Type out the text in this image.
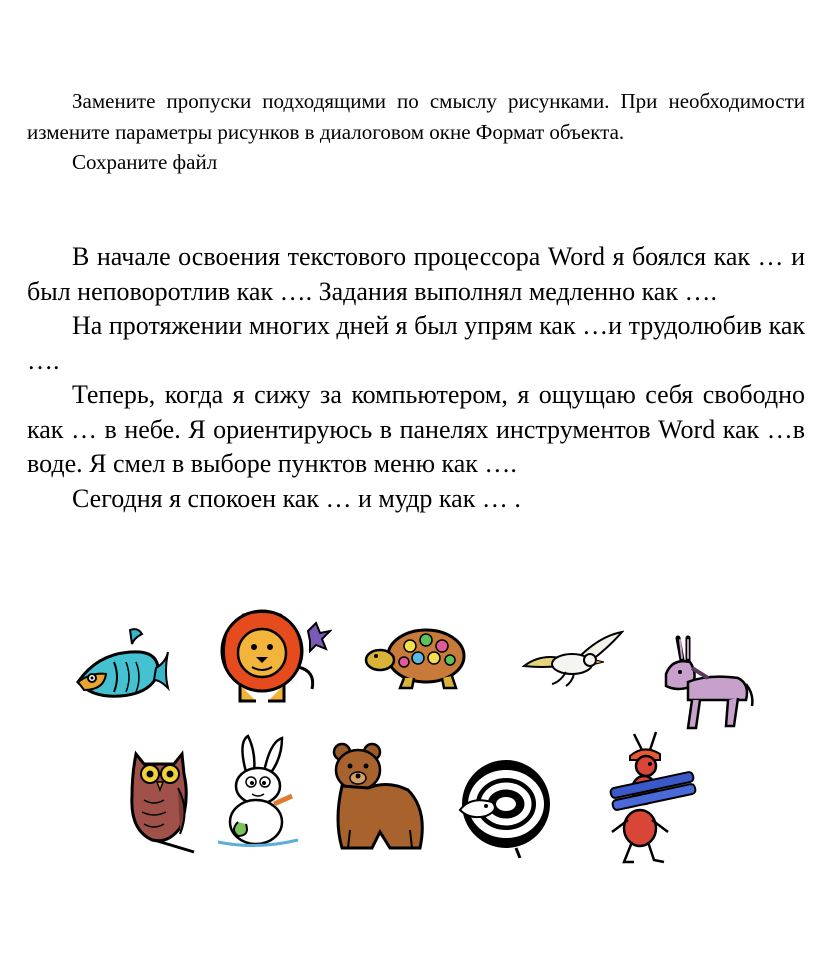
Замените пропуски подходящими по смыслу рисунками. При необходимости измените параметры рисунков в диалоговом окне Формат объекта.

Сохраните файл

В начале освоения текстового процессора Word я боялся как … и был неповоротлив как …. Задания выполнял медленно как ….

На протяжении многих дней я был упрям как …и трудолюбив как ….

Теперь, когда я сижу за компьютером, я ощущаю себя свободно как … в небе. Я ориентируюсь в панелях инструментов Word как …в воде. Я смел в выборе пунктов меню как ….

Сегодня я спокоен как … и мудр как … .
